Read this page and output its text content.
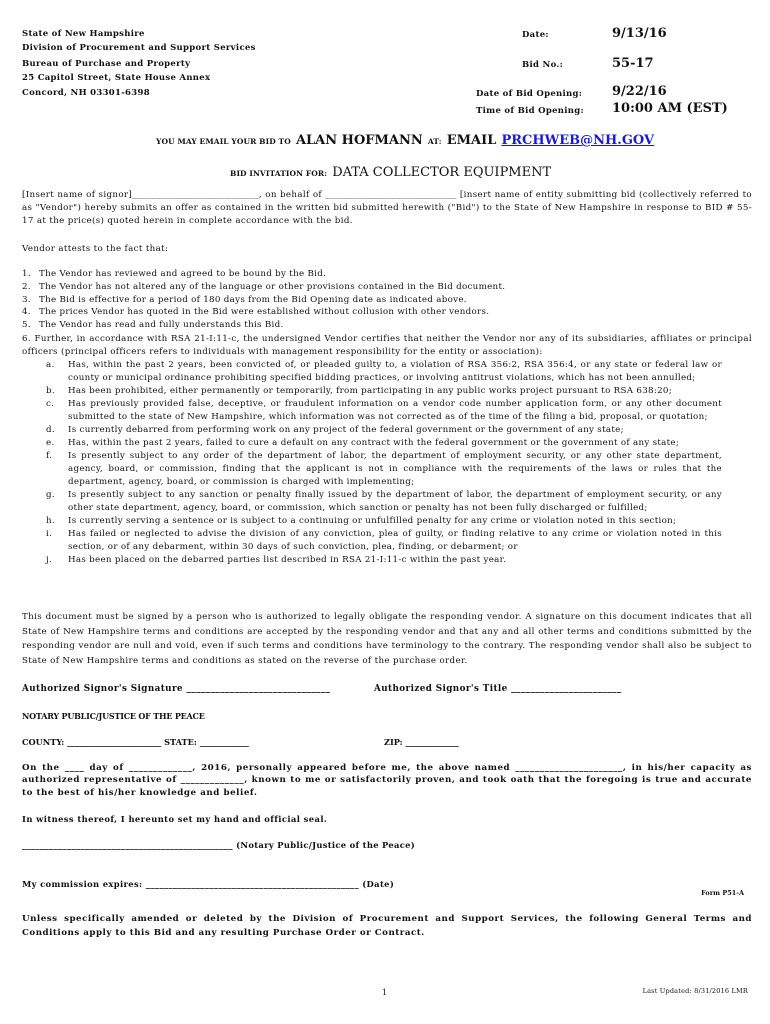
State of New Hampshire
Division of Procurement and Support Services
Bureau of Purchase and Property
25 Capitol Street, State House Annex
Concord, NH 03301-6398
Date:	9/13/16
Bid No.:	55-17
Date of Bid Opening: 9/22/16
Time of Bid Opening: 10:00 AM (EST)
YOU MAY EMAIL YOUR BID TO ALAN HOFMANN AT: EMAIL PRCHWEB@NH.GOV
BID INVITATION FOR: DATA COLLECTOR EQUIPMENT
[Insert name of signor]___________________________, on behalf of ____________________________ [insert name of entity submitting bid (collectively referred to as "Vendor") hereby submits an offer as contained in the written bid submitted herewith ("Bid") to the State of New Hampshire in response to BID # 55-17 at the price(s) quoted herein in complete accordance with the bid.
Vendor attests to the fact that:
1. The Vendor has reviewed and agreed to be bound by the Bid.
2. The Vendor has not altered any of the language or other provisions contained in the Bid document.
3. The Bid is effective for a period of 180 days from the Bid Opening date as indicated above.
4. The prices Vendor has quoted in the Bid were established without collusion with other vendors.
5. The Vendor has read and fully understands this Bid.
6. Further, in accordance with RSA 21-I:11-c, the undersigned Vendor certifies that neither the Vendor nor any of its subsidiaries, affiliates or principal officers (principal officers refers to individuals with management responsibility for the entity or association):
a.	Has, within the past 2 years, been convicted of, or pleaded guilty to, a violation of RSA 356:2, RSA 356:4, or any state or federal law or county or municipal ordinance prohibiting specified bidding practices, or involving antitrust violations, which has not been annulled;
b.	Has been prohibited, either permanently or temporarily, from participating in any public works project pursuant to RSA 638:20;
c.	Has previously provided false, deceptive, or fraudulent information on a vendor code number application form, or any other document submitted to the state of New Hampshire, which information was not corrected as of the time of the filing a bid, proposal, or quotation;
d.	Is currently debarred from performing work on any project of the federal government or the government of any state;
e.	Has, within the past 2 years, failed to cure a default on any contract with the federal government or the government of any state;
f.	Is presently subject to any order of the department of labor, the department of employment security, or any other state department, agency, board, or commission, finding that the applicant is not in compliance with the requirements of the laws or rules that the department, agency, board, or commission is charged with implementing;
g.	Is presently subject to any sanction or penalty finally issued by the department of labor, the department of employment security, or any other state department, agency, board, or commission, which sanction or penalty has not been fully discharged or fulfilled;
h.	Is currently serving a sentence or is subject to a continuing or unfulfilled penalty for any crime or violation noted in this section;
i.	Has failed or neglected to advise the division of any conviction, plea of guilty, or finding relative to any crime or violation noted in this section, or of any debarment, within 30 days of such conviction, plea, finding, or debarment; or
j.	Has been placed on the debarred parties list described in RSA 21-I:11-c within the past year.
This document must be signed by a person who is authorized to legally obligate the responding vendor. A signature on this document indicates that all State of New Hampshire terms and conditions are accepted by the responding vendor and that any and all other terms and conditions submitted by the responding vendor are null and void, even if such terms and conditions have terminology to the contrary. The responding vendor shall also be subject to State of New Hampshire terms and conditions as stated on the reverse of the purchase order.
Authorized Signor's Signature ______________________________	Authorized Signor's Title _______________________
NOTARY PUBLIC/JUSTICE OF THE PEACE
COUNTY: _______________________ STATE: ____________	ZIP: _____________
On the ____ day of _____________, 2016, personally appeared before me, the above named ______________________, in his/her capacity as authorized representative of _____________, known to me or satisfactorily proven, and took oath that the foregoing is true and accurate to the best of his/her knowledge and belief.
In witness thereof, I hereunto set my hand and official seal.
_______________________________________________ (Notary Public/Justice of the Peace)
My commission expires: _______________________________________________ (Date)
Form P51-A
Unless specifically amended or deleted by the Division of Procurement and Support Services, the following General Terms and Conditions apply to this Bid and any resulting Purchase Order or Contract.
1	Last Updated: 8/31/2016 LMR
